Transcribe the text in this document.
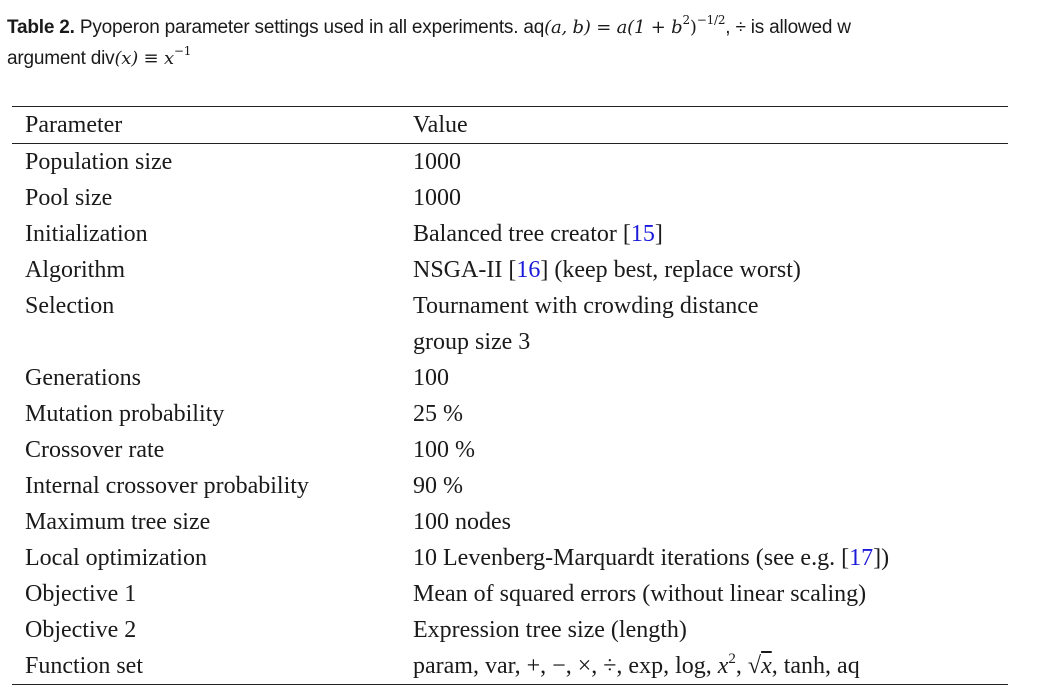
Table 2. Pyoperon parameter settings used in all experiments. aq(a, $b) = a(1 + b^2)^{-1/2}$, ÷ is allowed w
argument $div(x) \equiv x^{-1}$
Parameter	Value
Population size	1000
Pool size	1000
Initialization	Balanced tree creator [15]
Algorithm	NSGA-II [16] (keep best, replace worst)
Selection	Tournament with crowding distance
group size 3
Generations	100
Mutation probability	25 %
Crossover rate	100 %
Internal crossover probability	90 %
Maximum tree size	100 nodes
Local optimization	10 Levenberg-Marquardt iterations (see e.g. [17])
Objective 1	Mean of squared errors (without linear scaling)
Objective 2	Expression tree size (length)
Function set	param, var, +, −, ×, ÷, exp, log, $x^2$, √x, tanh, aq
